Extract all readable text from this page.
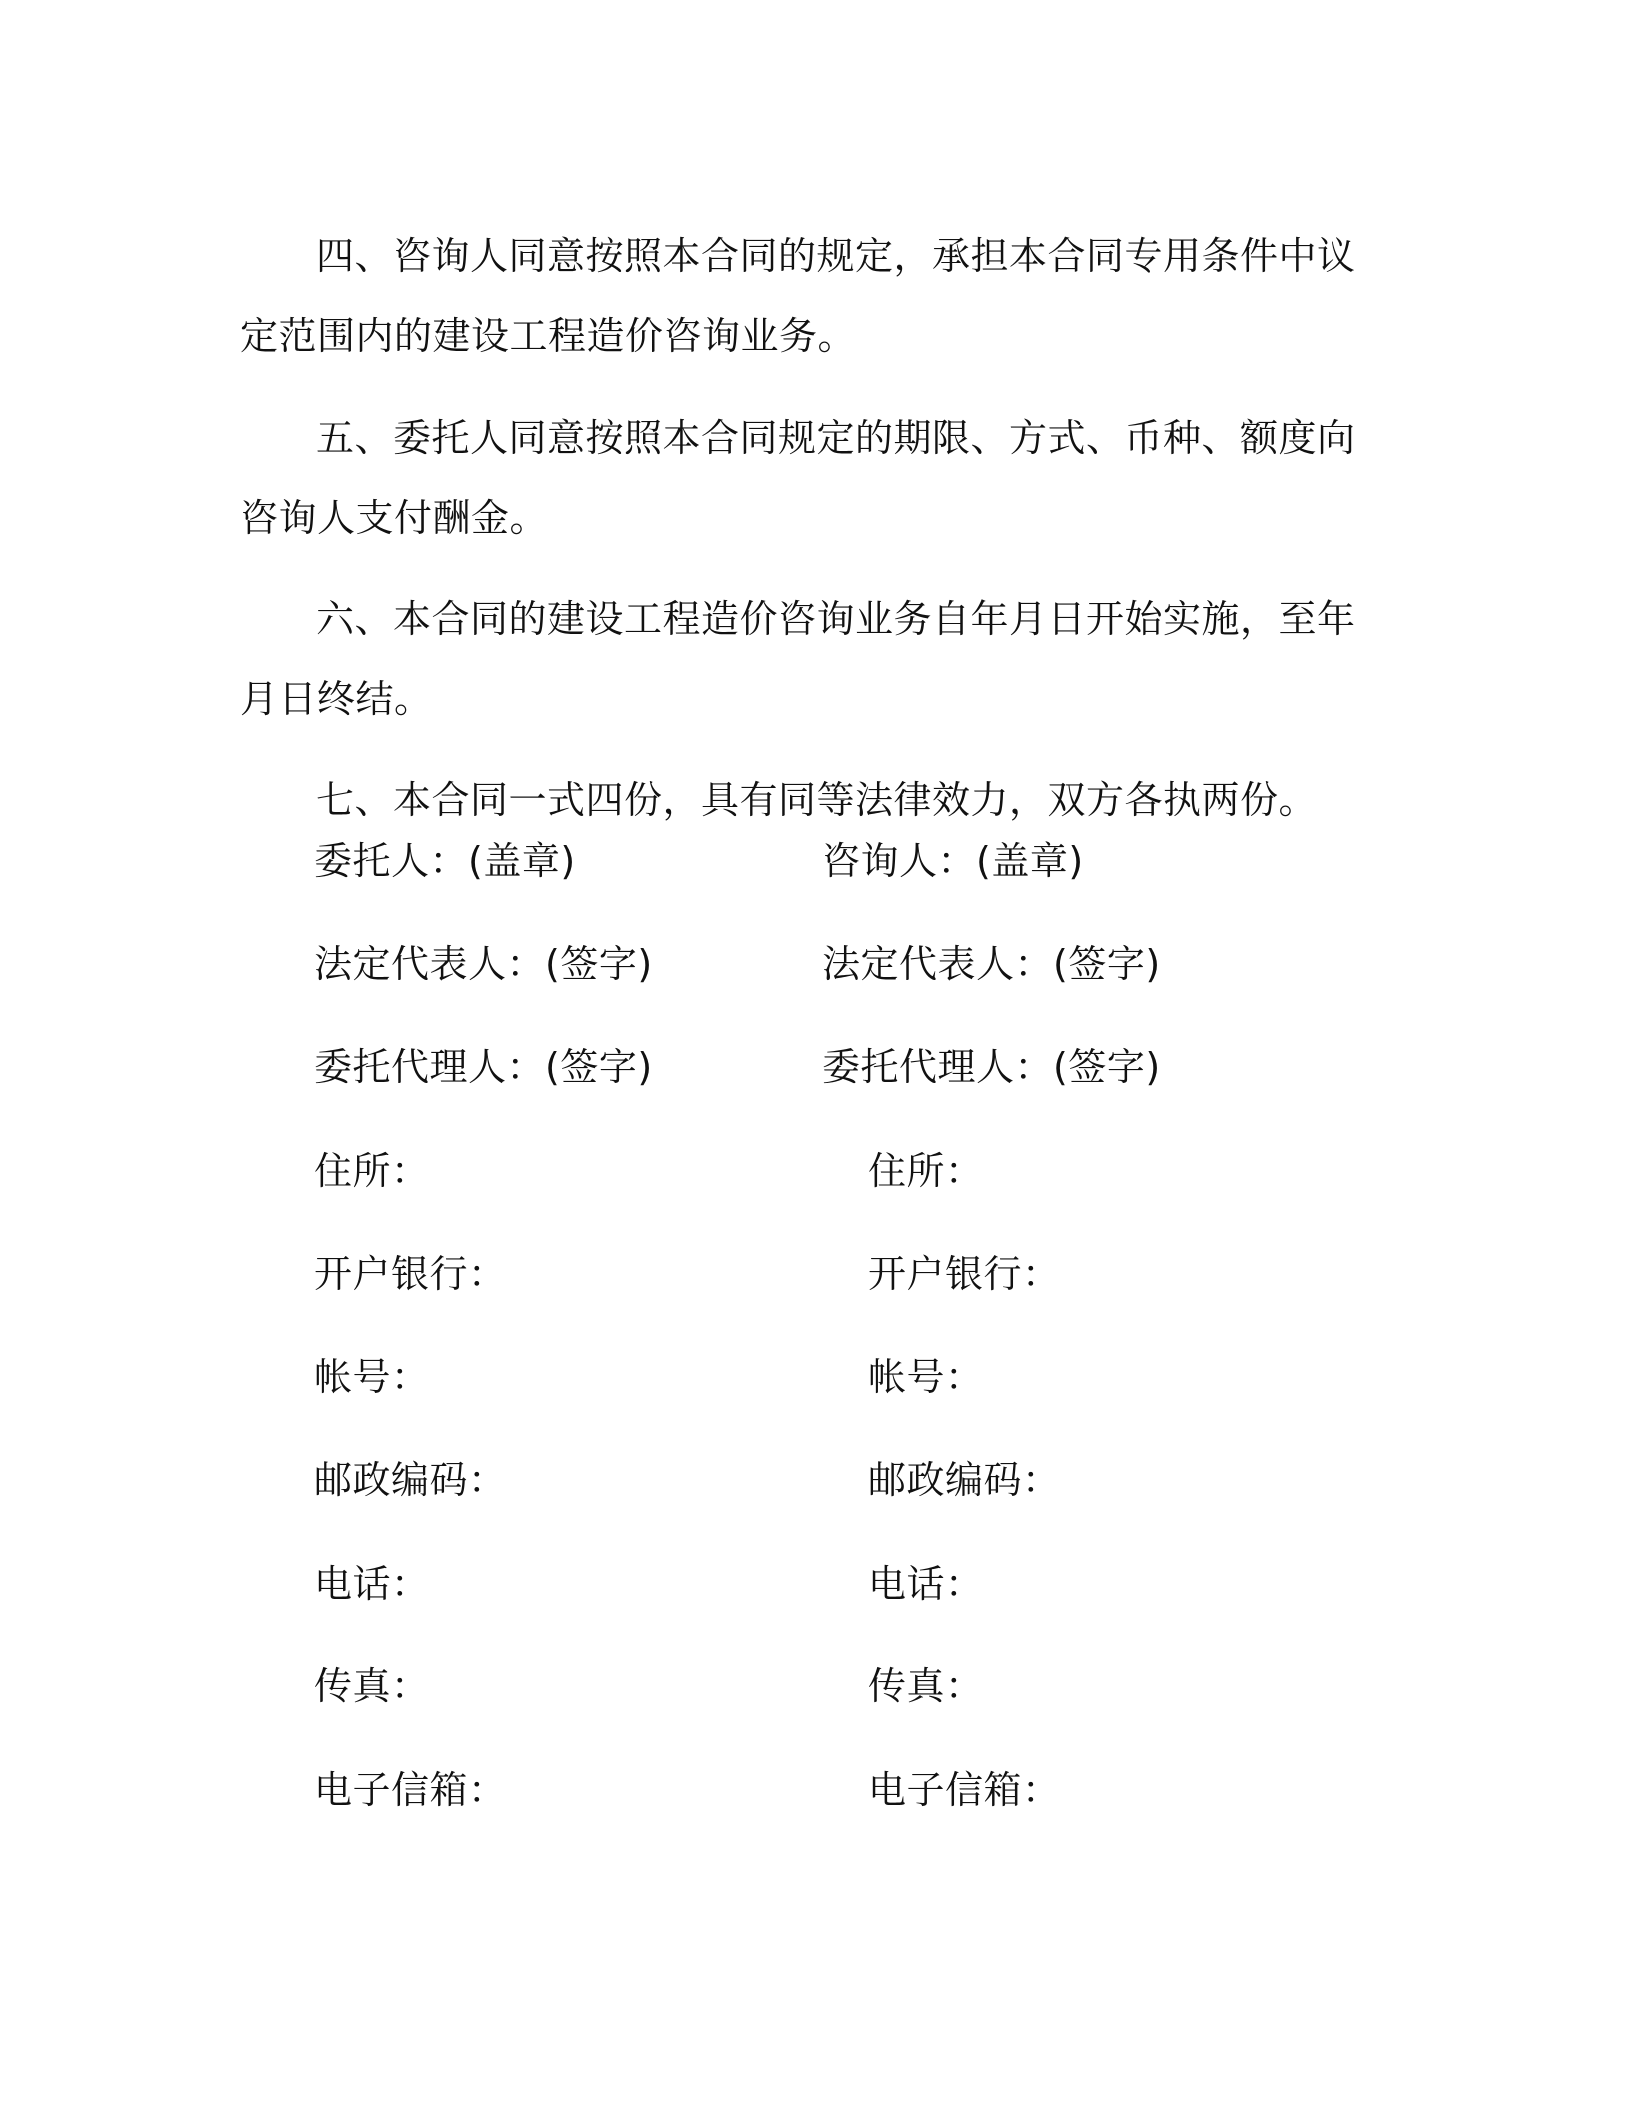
四、咨询人同意按照本合同的规定，承担本合同专用条件中议定范围内的建设工程造价咨询业务。

五、委托人同意按照本合同规定的期限、方式、币种、额度向咨询人支付酬金。

六、本合同的建设工程造价咨询业务自年月日开始实施，至年月日终结。

七、本合同一式四份，具有同等法律效力，双方各执两份。

委托人：(盖章)
法定代表人：(签字)
委托代理人：(签字)
住所：
开户银行：
帐号：
邮政编码：
电话：
传真：
电子信箱：
咨询人：(盖章)
法定代表人：(签字)
委托代理人：(签字)
住所：
开户银行：
帐号：
邮政编码：
电话：
传真：
电子信箱：
